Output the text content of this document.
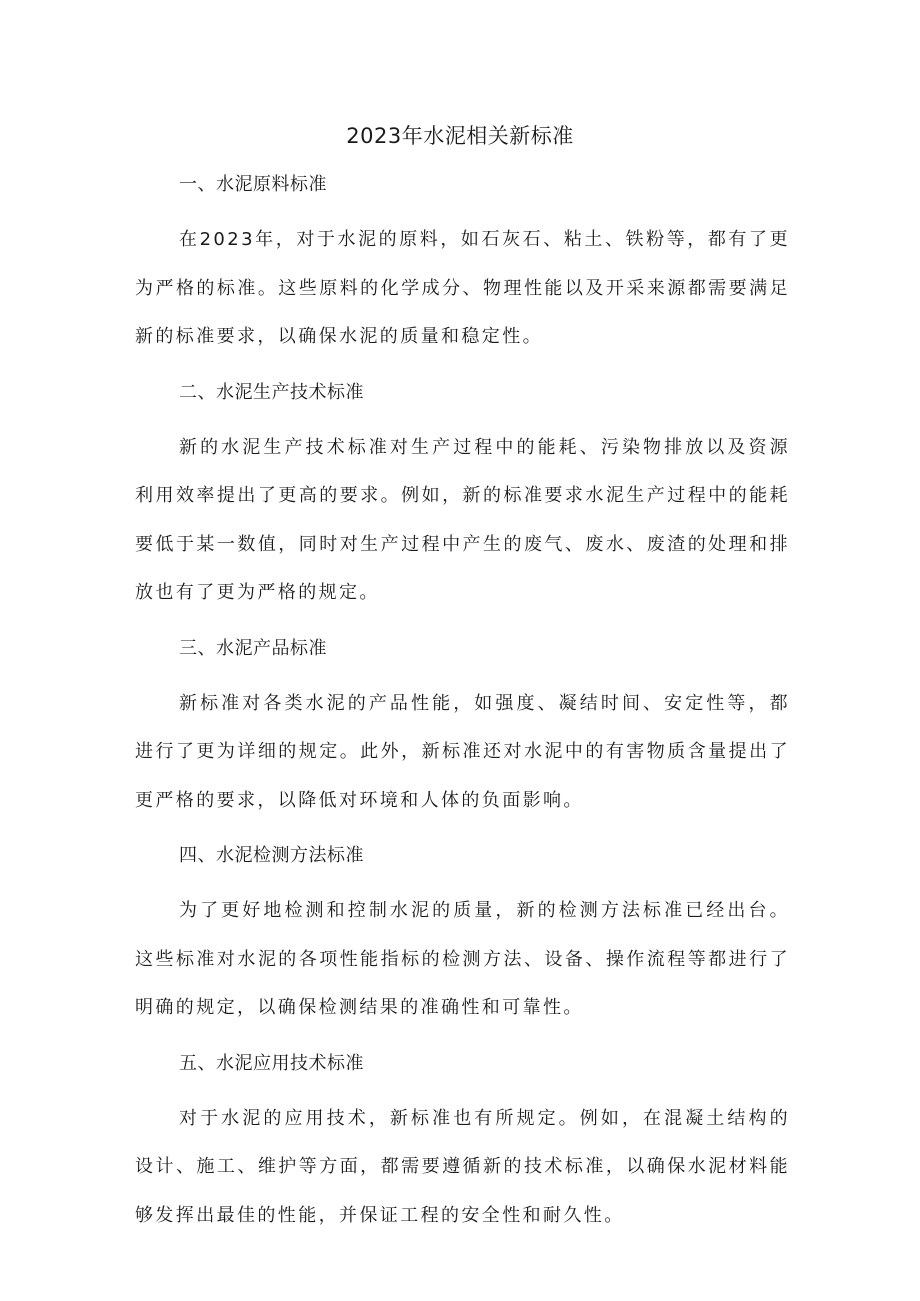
2023年水泥相关新标准
一、水泥原料标准

在2023年，对于水泥的原料，如石灰石、粘土、铁粉等，都有了更为严格的标准。这些原料的化学成分、物理性能以及开采来源都需要满足新的标准要求，以确保水泥的质量和稳定性。

二、水泥生产技术标准

新的水泥生产技术标准对生产过程中的能耗、污染物排放以及资源利用效率提出了更高的要求。例如，新的标准要求水泥生产过程中的能耗要低于某一数值，同时对生产过程中产生的废气、废水、废渣的处理和排放也有了更为严格的规定。

三、水泥产品标准

新标准对各类水泥的产品性能，如强度、凝结时间、安定性等，都进行了更为详细的规定。此外，新标准还对水泥中的有害物质含量提出了更严格的要求，以降低对环境和人体的负面影响。

四、水泥检测方法标准

为了更好地检测和控制水泥的质量，新的检测方法标准已经出台。这些标准对水泥的各项性能指标的检测方法、设备、操作流程等都进行了明确的规定，以确保检测结果的准确性和可靠性。

五、水泥应用技术标准

对于水泥的应用技术，新标准也有所规定。例如，在混凝土结构的设计、施工、维护等方面，都需要遵循新的技术标准，以确保水泥材料能够发挥出最佳的性能，并保证工程的安全性和耐久性。
